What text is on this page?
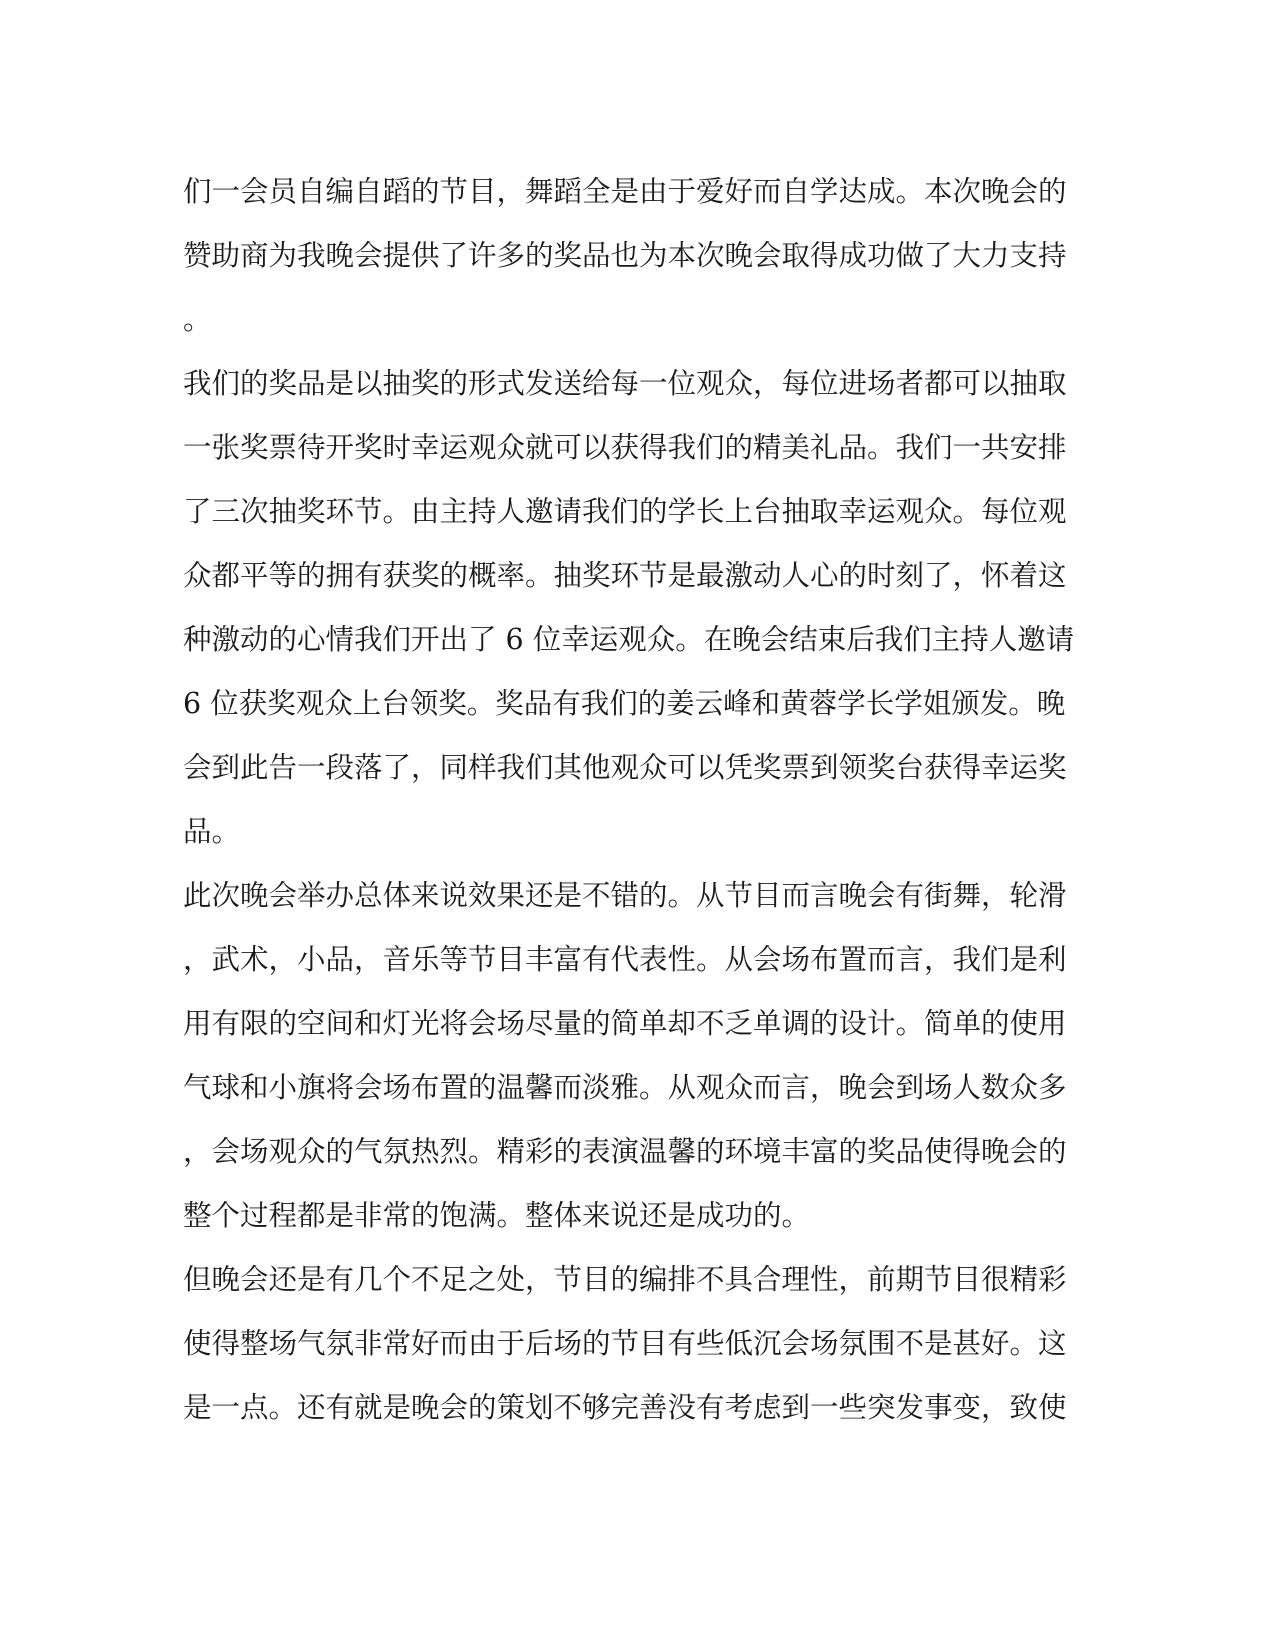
们一会员自编自蹈的节目，舞蹈全是由于爱好而自学达成。本次晚会的
赞助商为我晚会提供了许多的奖品也为本次晚会取得成功做了大力支持
。
我们的奖品是以抽奖的形式发送给每一位观众，每位进场者都可以抽取
一张奖票待开奖时幸运观众就可以获得我们的精美礼品。我们一共安排
了三次抽奖环节。由主持人邀请我们的学长上台抽取幸运观众。每位观
众都平等的拥有获奖的概率。抽奖环节是最激动人心的时刻了，怀着这
种激动的心情我们开出了 6 位幸运观众。在晚会结束后我们主持人邀请
6 位获奖观众上台领奖。奖品有我们的姜云峰和黄蓉学长学姐颁发。晚
会到此告一段落了，同样我们其他观众可以凭奖票到领奖台获得幸运奖
品。
此次晚会举办总体来说效果还是不错的。从节目而言晚会有街舞，轮滑
，武术，小品，音乐等节目丰富有代表性。从会场布置而言，我们是利
用有限的空间和灯光将会场尽量的简单却不乏单调的设计。简单的使用
气球和小旗将会场布置的温馨而淡雅。从观众而言，晚会到场人数众多
，会场观众的气氛热烈。精彩的表演温馨的环境丰富的奖品使得晚会的
整个过程都是非常的饱满。整体来说还是成功的。
但晚会还是有几个不足之处，节目的编排不具合理性，前期节目很精彩
使得整场气氛非常好而由于后场的节目有些低沉会场氛围不是甚好。这
是一点。还有就是晚会的策划不够完善没有考虑到一些突发事变，致使
